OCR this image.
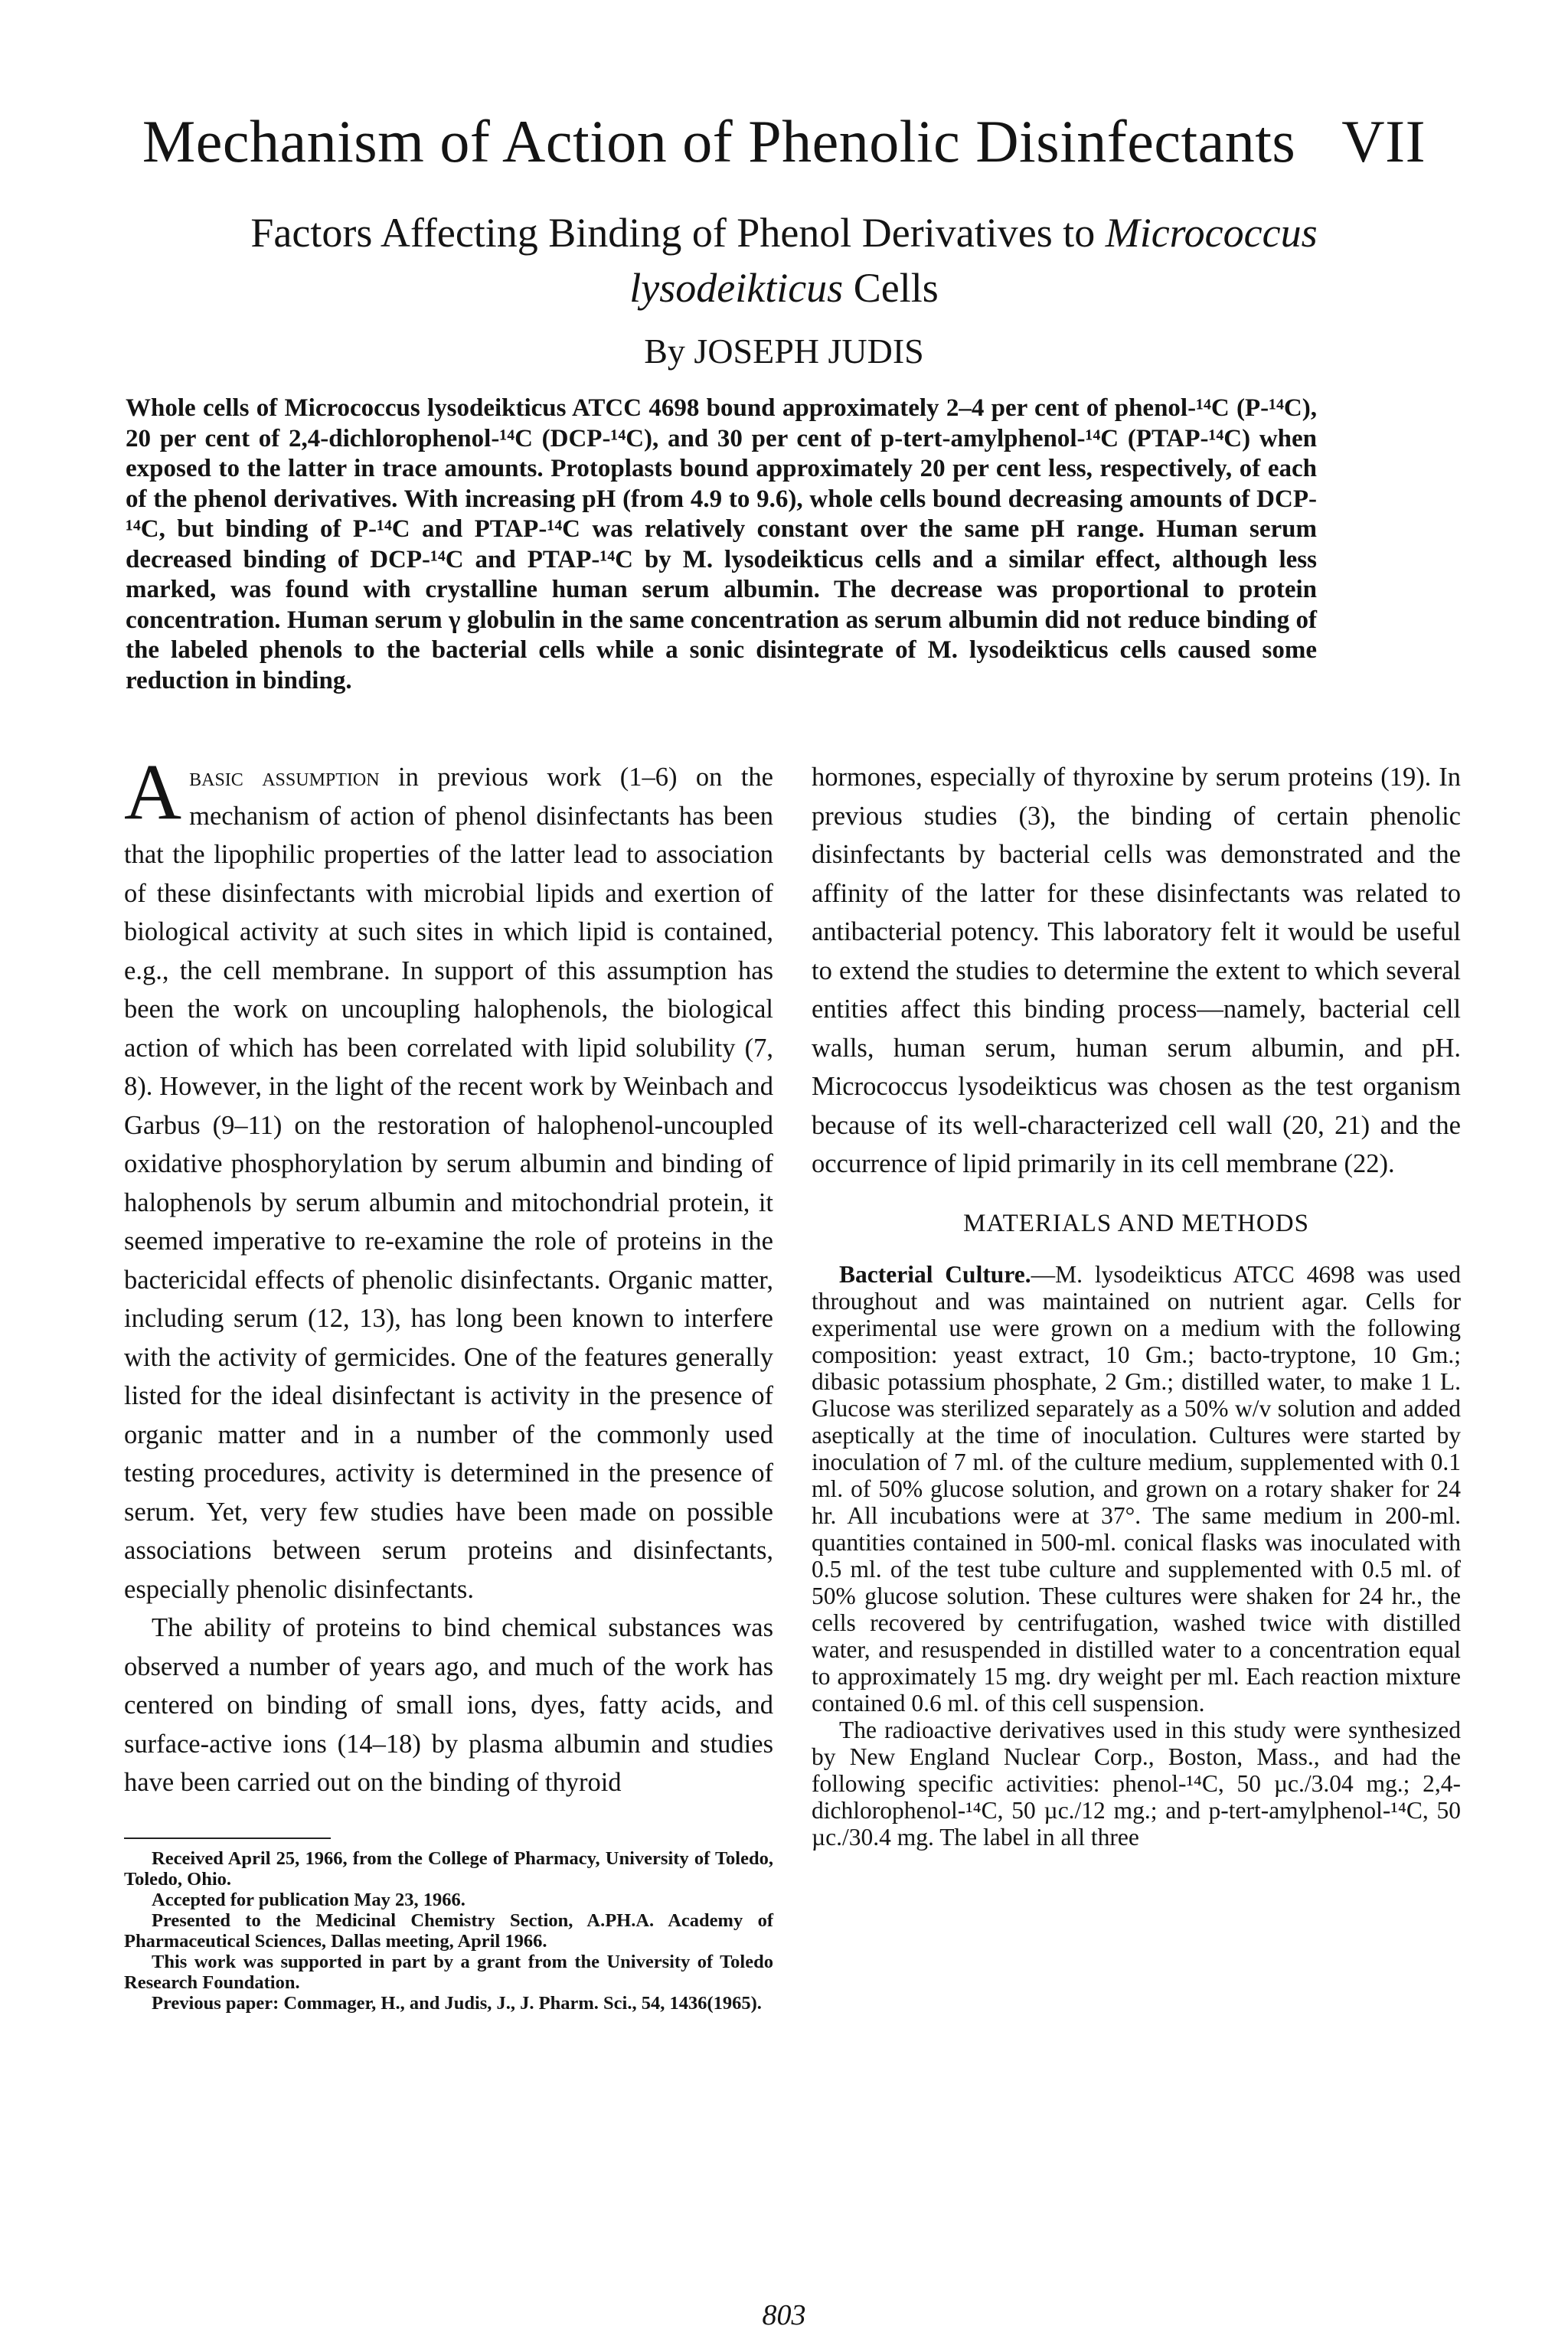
Mechanism of Action of Phenolic Disinfectants VII
Factors Affecting Binding of Phenol Derivatives to Micrococcus lysodeikticus Cells
By JOSEPH JUDIS
Whole cells of Micrococcus lysodeikticus ATCC 4698 bound approximately 2–4 per cent of phenol-¹⁴C (P-¹⁴C), 20 per cent of 2,4-dichlorophenol-¹⁴C (DCP-¹⁴C), and 30 per cent of p-tert-amylphenol-¹⁴C (PTAP-¹⁴C) when exposed to the latter in trace amounts. Protoplasts bound approximately 20 per cent less, respectively, of each of the phenol derivatives. With increasing pH (from 4.9 to 9.6), whole cells bound decreasing amounts of DCP-¹⁴C, but binding of P-¹⁴C and PTAP-¹⁴C was relatively constant over the same pH range. Human serum decreased binding of DCP-¹⁴C and PTAP-¹⁴C by M. lysodeikticus cells and a similar effect, although less marked, was found with crystalline human serum albumin. The decrease was proportional to protein concentration. Human serum γ globulin in the same concentration as serum albumin did not reduce binding of the labeled phenols to the bacterial cells while a sonic disintegrate of M. lysodeikticus cells caused some reduction in binding.

Abasic assumption in previous work (1–6) on the mechanism of action of phenol disinfectants has been that the lipophilic properties of the latter lead to association of these disinfectants with microbial lipids and exertion of biological activity at such sites in which lipid is contained, e.g., the cell membrane. In support of this assumption has been the work on uncoupling halophenols, the biological action of which has been correlated with lipid solubility (7, 8). However, in the light of the recent work by Weinbach and Garbus (9–11) on the restoration of halophenol-uncoupled oxidative phosphorylation by serum albumin and binding of halophenols by serum albumin and mitochondrial protein, it seemed imperative to re-examine the role of proteins in the bactericidal effects of phenolic disinfectants. Organic matter, including serum (12, 13), has long been known to interfere with the activity of germicides. One of the features generally listed for the ideal disinfectant is activity in the presence of organic matter and in a number of the commonly used testing procedures, activity is determined in the presence of serum. Yet, very few studies have been made on possible associations between serum proteins and disinfectants, especially phenolic disinfectants.

The ability of proteins to bind chemical substances was observed a number of years ago, and much of the work has centered on binding of small ions, dyes, fatty acids, and surface-active ions (14–18) by plasma albumin and studies have been carried out on the binding of thyroid

Received April 25, 1966, from the College of Pharmacy, University of Toledo, Toledo, Ohio.

Accepted for publication May 23, 1966.

Presented to the Medicinal Chemistry Section, A.PH.A. Academy of Pharmaceutical Sciences, Dallas meeting, April 1966.

This work was supported in part by a grant from the University of Toledo Research Foundation.

Previous paper: Commager, H., and Judis, J., J. Pharm. Sci., 54, 1436(1965).

hormones, especially of thyroxine by serum proteins (19). In previous studies (3), the binding of certain phenolic disinfectants by bacterial cells was demonstrated and the affinity of the latter for these disinfectants was related to antibacterial potency. This laboratory felt it would be useful to extend the studies to determine the extent to which several entities affect this binding process—namely, bacterial cell walls, human serum, human serum albumin, and pH. Micrococcus lysodeikticus was chosen as the test organism because of its well-characterized cell wall (20, 21) and the occurrence of lipid primarily in its cell membrane (22).

MATERIALS AND METHODS

Bacterial Culture.—M. lysodeikticus ATCC 4698 was used throughout and was maintained on nutrient agar. Cells for experimental use were grown on a medium with the following composition: yeast extract, 10 Gm.; bacto-tryptone, 10 Gm.; dibasic potassium phosphate, 2 Gm.; distilled water, to make 1 L. Glucose was sterilized separately as a 50% w/v solution and added aseptically at the time of inoculation. Cultures were started by inoculation of 7 ml. of the culture medium, supplemented with 0.1 ml. of 50% glucose solution, and grown on a rotary shaker for 24 hr. All incubations were at 37°. The same medium in 200-ml. quantities contained in 500-ml. conical flasks was inoculated with 0.5 ml. of the test tube culture and supplemented with 0.5 ml. of 50% glucose solution. These cultures were shaken for 24 hr., the cells recovered by centrifugation, washed twice with distilled water, and resuspended in distilled water to a concentration equal to approximately 15 mg. dry weight per ml. Each reaction mixture contained 0.6 ml. of this cell suspension.

The radioactive derivatives used in this study were synthesized by New England Nuclear Corp., Boston, Mass., and had the following specific activities: phenol-¹⁴C, 50 µc./3.04 mg.; 2,4-dichlorophenol-¹⁴C, 50 µc./12 mg.; and p-tert-amylphenol-¹⁴C, 50 µc./30.4 mg. The label in all three

803
